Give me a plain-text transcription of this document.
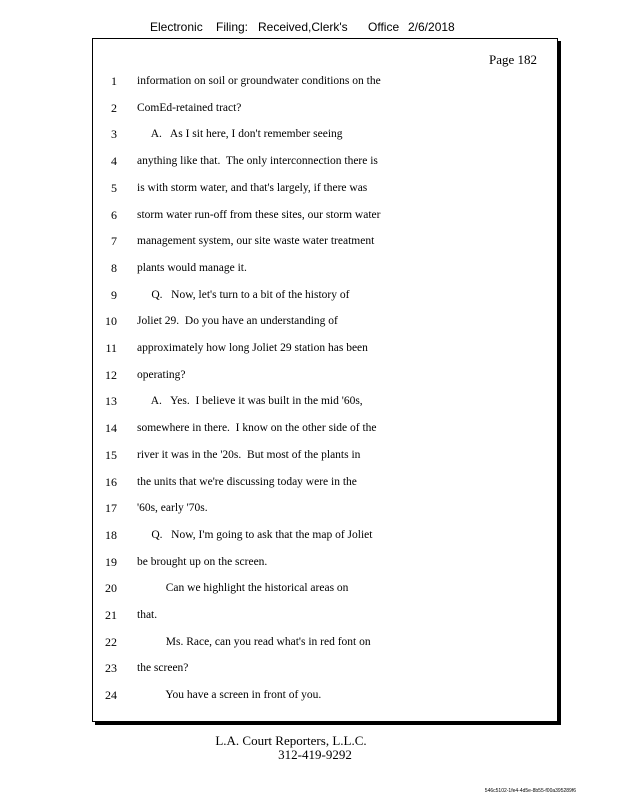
Electronic Filing: Received,Clerk's Office 2/6/2018
Page 182
1 information on soil or groundwater conditions on the
2 ComEd-retained tract?
3 A.   As I sit here, I don't remember seeing
4 anything like that.  The only interconnection there is
5 is with storm water, and that's largely, if there was
6 storm water run-off from these sites, our storm water
7 management system, our site waste water treatment
8 plants would manage it.
9 Q.   Now, let's turn to a bit of the history of
10 Joliet 29.  Do you have an understanding of
11 approximately how long Joliet 29 station has been
12 operating?
13 A.   Yes.  I believe it was built in the mid '60s,
14 somewhere in there.  I know on the other side of the
15 river it was in the '20s.  But most of the plants in
16 the units that we're discussing today were in the
17 '60s, early '70s.
18 Q.   Now, I'm going to ask that the map of Joliet
19 be brought up on the screen.
20 Can we highlight the historical areas on
21 that.
22 Ms. Race, can you read what's in red font on
23 the screen?
24 You have a screen in front of you.
L.A. Court Reporters, L.L.C.
312-419-9292
546c5102-1fe4-4d5e-8b55-f00a395289f6
